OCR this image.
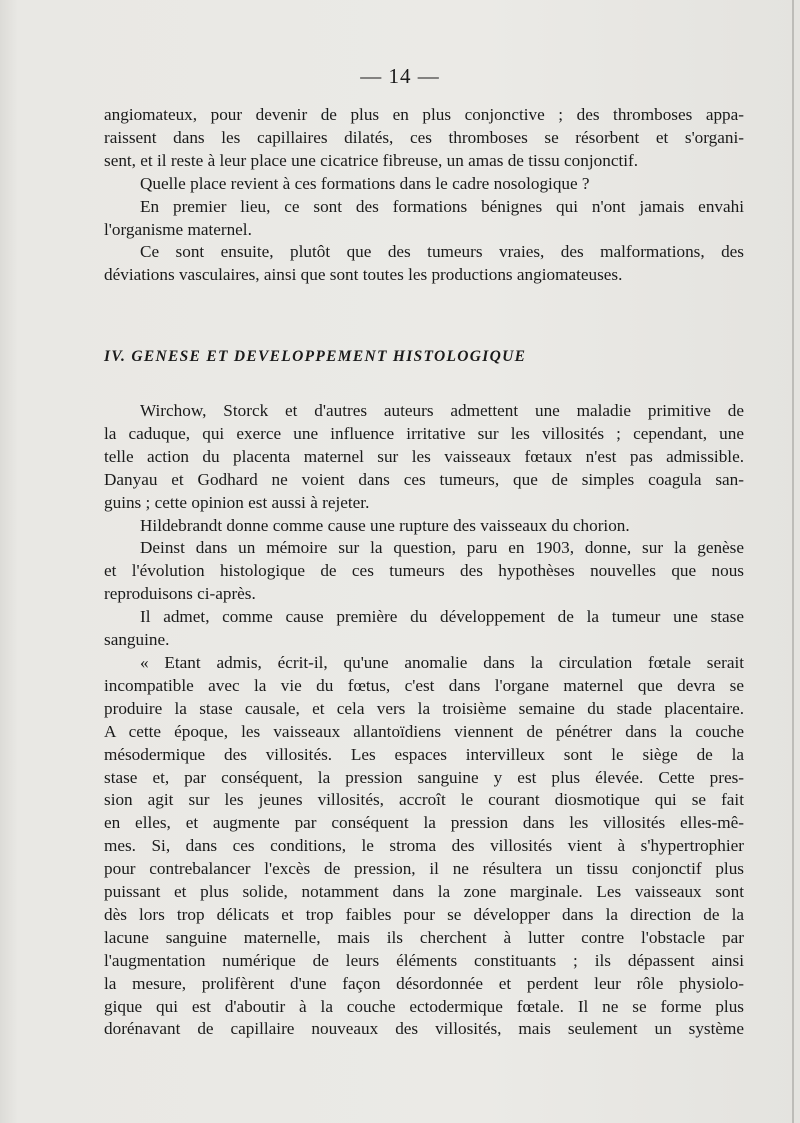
— 14 —
angiomateux, pour devenir de plus en plus conjonctive ; des thromboses appa-
raissent dans les capillaires dilatés, ces thromboses se résorbent et s'organi-
sent, et il reste à leur place une cicatrice fibreuse, un amas de tissu conjonctif.
Quelle place revient à ces formations dans le cadre nosologique ?
En premier lieu, ce sont des formations bénignes qui n'ont jamais envahi
l'organisme maternel.
Ce sont ensuite, plutôt que des tumeurs vraies, des malformations, des
déviations vasculaires, ainsi que sont toutes les productions angiomateuses.
IV. GENESE ET DEVELOPPEMENT HISTOLOGIQUE
Wirchow, Storck et d'autres auteurs admettent une maladie primitive de
la caduque, qui exerce une influence irritative sur les villosités ; cependant, une
telle action du placenta maternel sur les vaisseaux fœtaux n'est pas admissible.
Danyau et Godhard ne voient dans ces tumeurs, que de simples coagula san-
guins ; cette opinion est aussi à rejeter.
Hildebrandt donne comme cause une rupture des vaisseaux du chorion.
Deinst dans un mémoire sur la question, paru en 1903, donne, sur la genèse
et l'évolution histologique de ces tumeurs des hypothèses nouvelles que nous
reproduisons ci-après.
Il admet, comme cause première du développement de la tumeur une stase
sanguine.
« Etant admis, écrit-il, qu'une anomalie dans la circulation fœtale serait
incompatible avec la vie du fœtus, c'est dans l'organe maternel que devra se
produire la stase causale, et cela vers la troisième semaine du stade placentaire.
A cette époque, les vaisseaux allantoïdiens viennent de pénétrer dans la couche
mésodermique des villosités. Les espaces intervilleux sont le siège de la
stase et, par conséquent, la pression sanguine y est plus élevée. Cette pres-
sion agit sur les jeunes villosités, accroît le courant diosmotique qui se fait
en elles, et augmente par conséquent la pression dans les villosités elles-mê-
mes. Si, dans ces conditions, le stroma des villosités vient à s'hypertrophier
pour contrebalancer l'excès de pression, il ne résultera un tissu conjonctif plus
puissant et plus solide, notamment dans la zone marginale. Les vaisseaux sont
dès lors trop délicats et trop faibles pour se développer dans la direction de la
lacune sanguine maternelle, mais ils cherchent à lutter contre l'obstacle par
l'augmentation numérique de leurs éléments constituants ; ils dépassent ainsi
la mesure, prolifèrent d'une façon désordonnée et perdent leur rôle physiolo-
gique qui est d'aboutir à la couche ectodermique fœtale. Il ne se forme plus
dorénavant de capillaire nouveaux des villosités, mais seulement un système
